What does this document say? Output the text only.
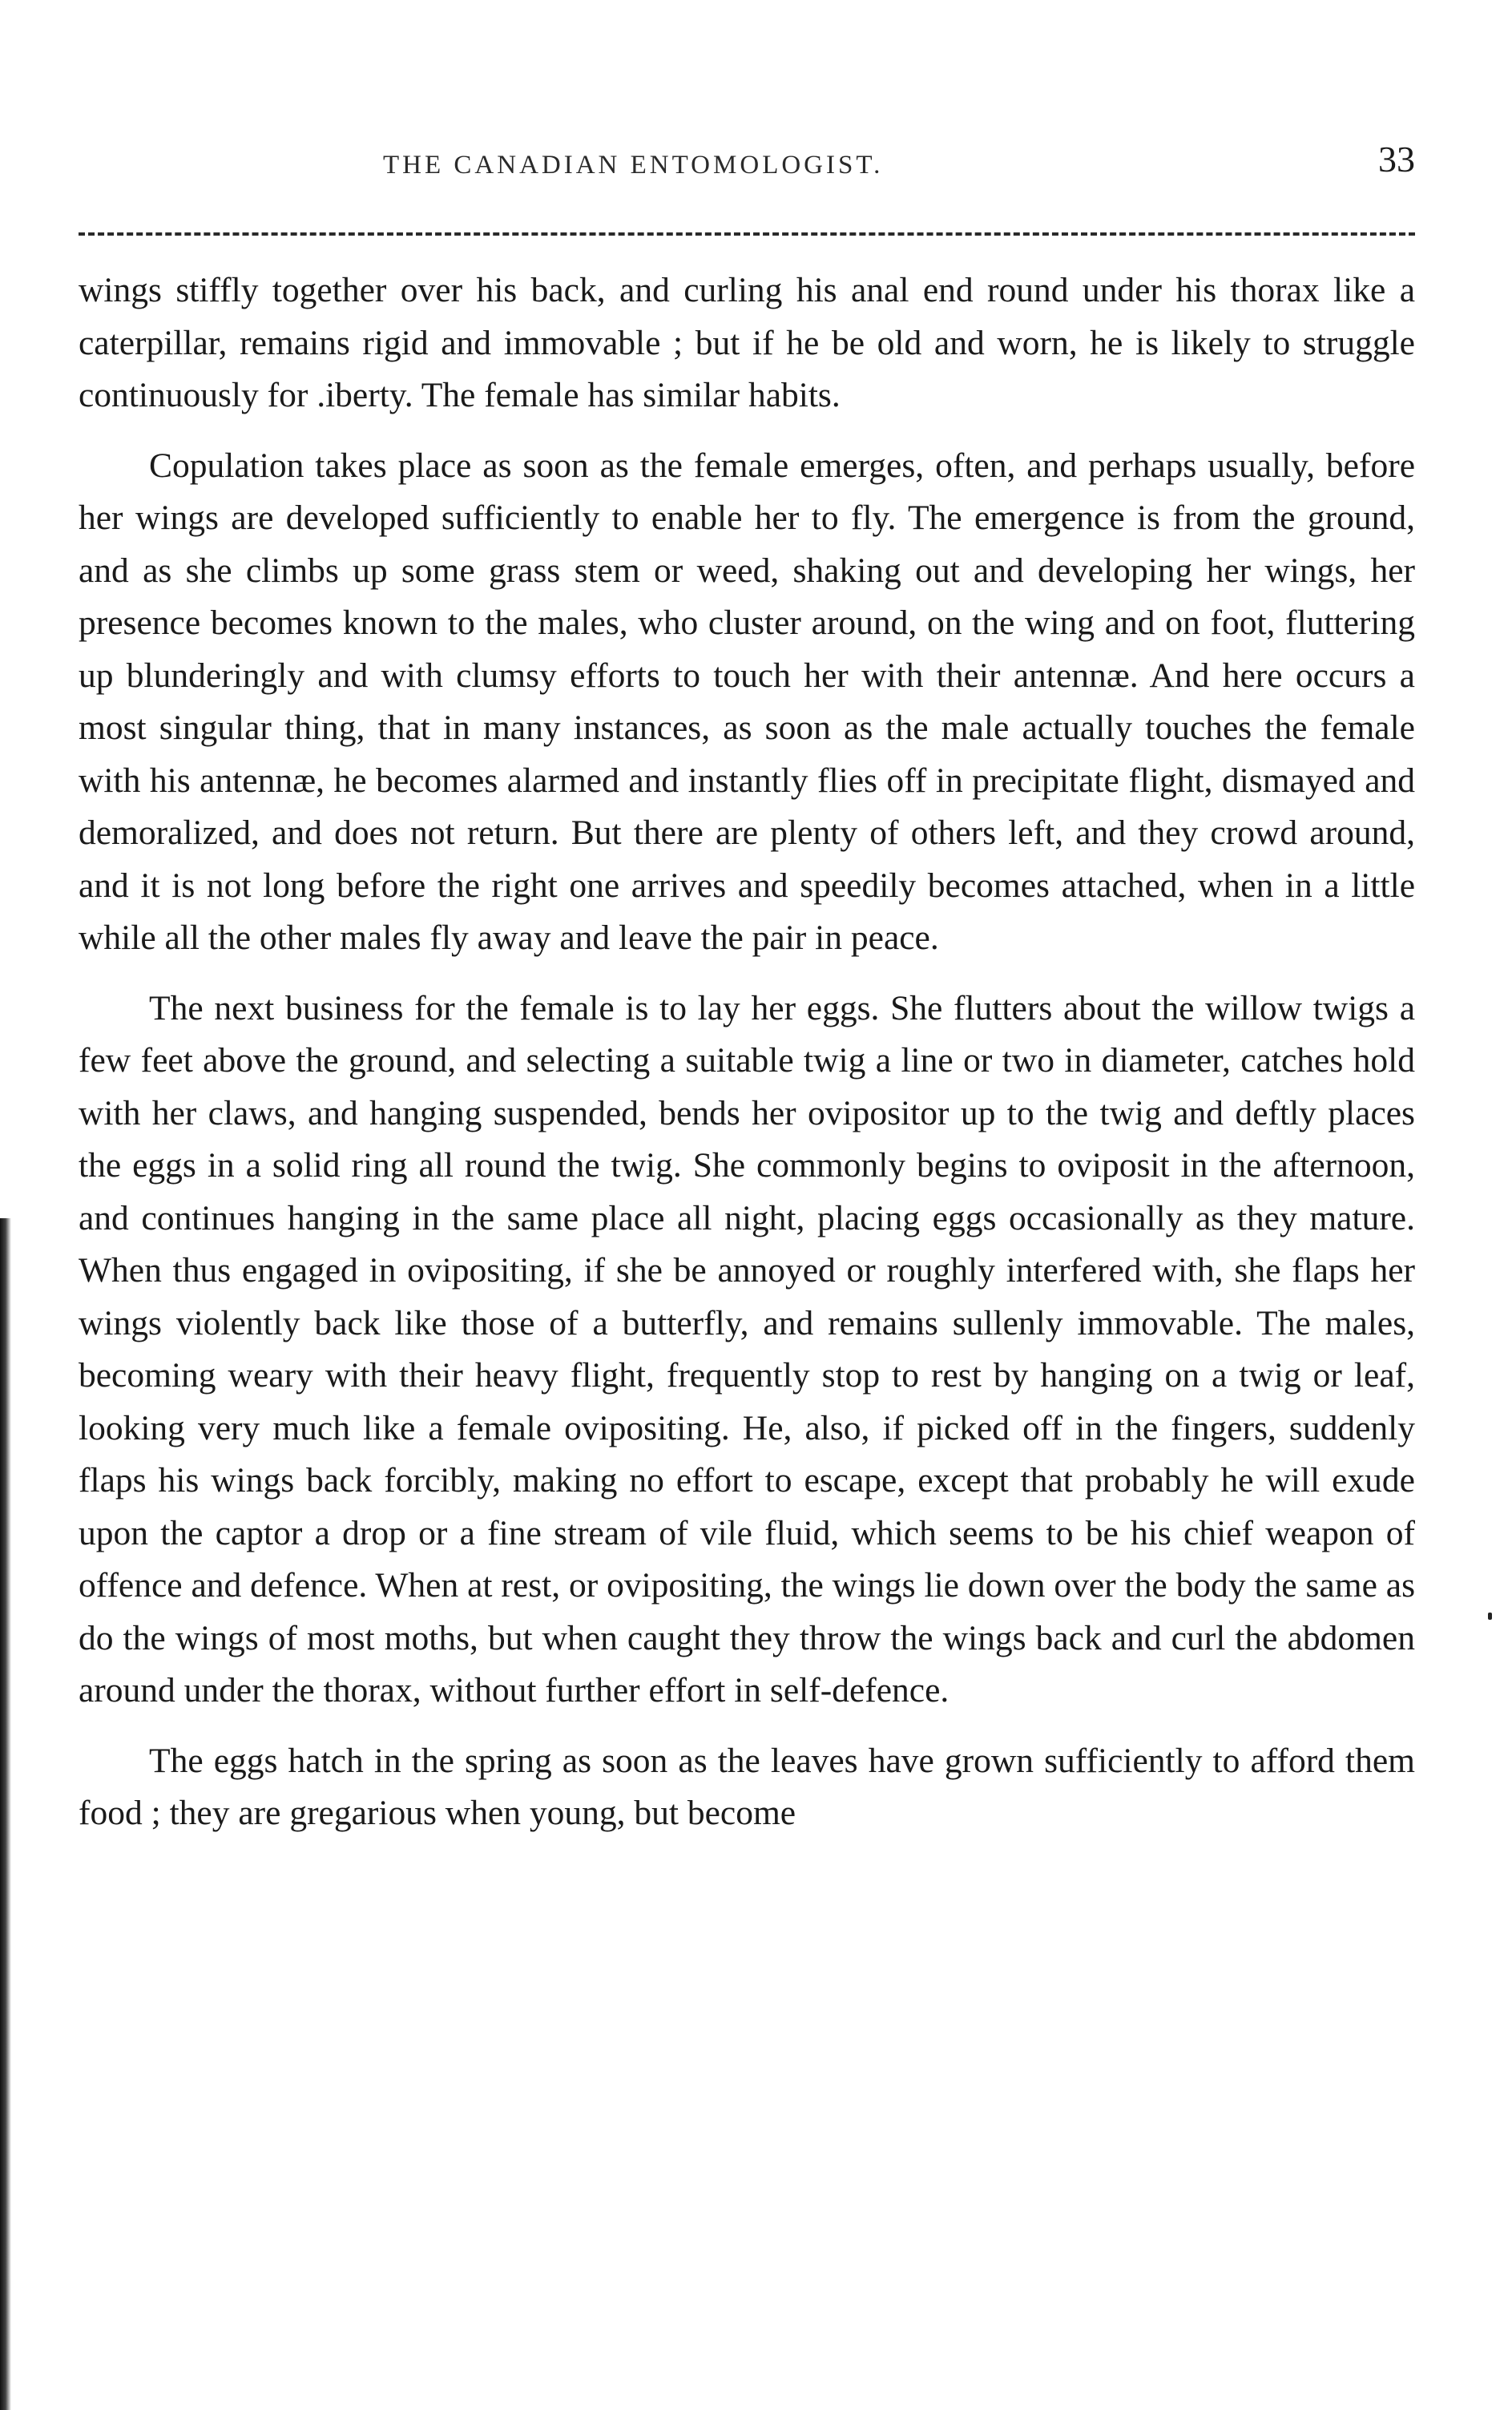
THE CANADIAN ENTOMOLOGIST.	33

wings stiffly together over his back, and curling his anal end round under his thorax like a caterpillar, remains rigid and immovable ; but if he be old and worn, he is likely to struggle continuously for .iberty. The female has similar habits.

Copulation takes place as soon as the female emerges, often, and perhaps usually, before her wings are developed sufficiently to enable her to fly. The emergence is from the ground, and as she climbs up some grass stem or weed, shaking out and developing her wings, her presence becomes known to the males, who cluster around, on the wing and on foot, fluttering up blunderingly and with clumsy efforts to touch her with their antennæ. And here occurs a most singular thing, that in many instances, as soon as the male actually touches the female with his antennæ, he becomes alarmed and instantly flies off in precipitate flight, dismayed and demoralized, and does not return. But there are plenty of others left, and they crowd around, and it is not long before the right one arrives and speedily becomes attached, when in a little while all the other males fly away and leave the pair in peace.

The next business for the female is to lay her eggs. She flutters about the willow twigs a few feet above the ground, and selecting a suitable twig a line or two in diameter, catches hold with her claws, and hanging suspended, bends her ovipositor up to the twig and deftly places the eggs in a solid ring all round the twig. She commonly begins to oviposit in the afternoon, and continues hanging in the same place all night, placing eggs occasionally as they mature. When thus engaged in ovipositing, if she be annoyed or roughly interfered with, she flaps her wings violently back like those of a butterfly, and remains sullenly immovable. The males, becoming weary with their heavy flight, frequently stop to rest by hanging on a twig or leaf, looking very much like a female ovipositing. He, also, if picked off in the fingers, suddenly flaps his wings back forcibly, making no effort to escape, except that probably he will exude upon the captor a drop or a fine stream of vile fluid, which seems to be his chief weapon of offence and defence. When at rest, or ovipositing, the wings lie down over the body the same as do the wings of most moths, but when caught they throw the wings back and curl the abdomen around under the thorax, without further effort in self-defence.

The eggs hatch in the spring as soon as the leaves have grown sufficiently to afford them food ; they are gregarious when young, but become
